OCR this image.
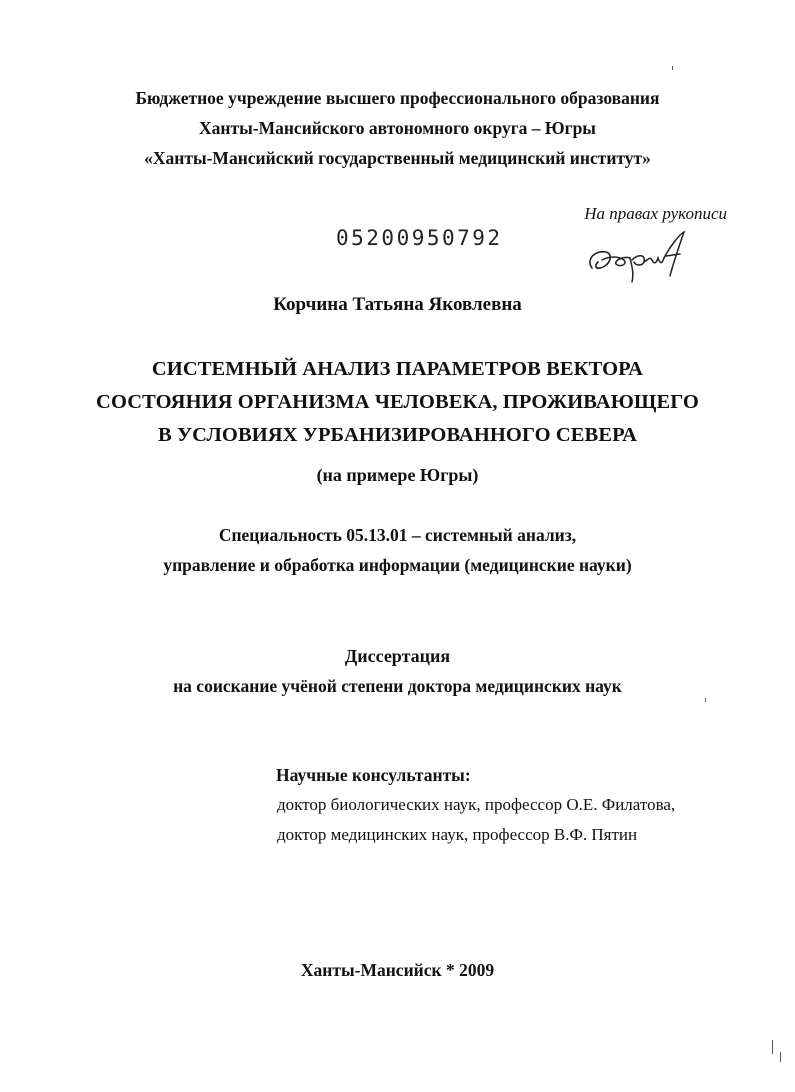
Бюджетное учреждение высшего профессионального образования
Ханты-Мансийского автономного округа – Югры
«Ханты-Мансийский государственный медицинский институт»
На правах рукописи
05200950792
Корчина Татьяна Яковлевна
СИСТЕМНЫЙ АНАЛИЗ ПАРАМЕТРОВ ВЕКТОРА
СОСТОЯНИЯ ОРГАНИЗМА ЧЕЛОВЕКА, ПРОЖИВАЮЩЕГО
В УСЛОВИЯХ УРБАНИЗИРОВАННОГО СЕВЕРА
(на примере Югры)
Специальность 05.13.01 – системный анализ,
управление и обработка информации (медицинские науки)
Диссертация
на соискание учёной степени доктора медицинских наук
Научные консультанты:
доктор биологических наук, профессор О.Е. Филатова,
доктор медицинских наук, профессор В.Ф. Пятин
Ханты-Мансийск * 2009
